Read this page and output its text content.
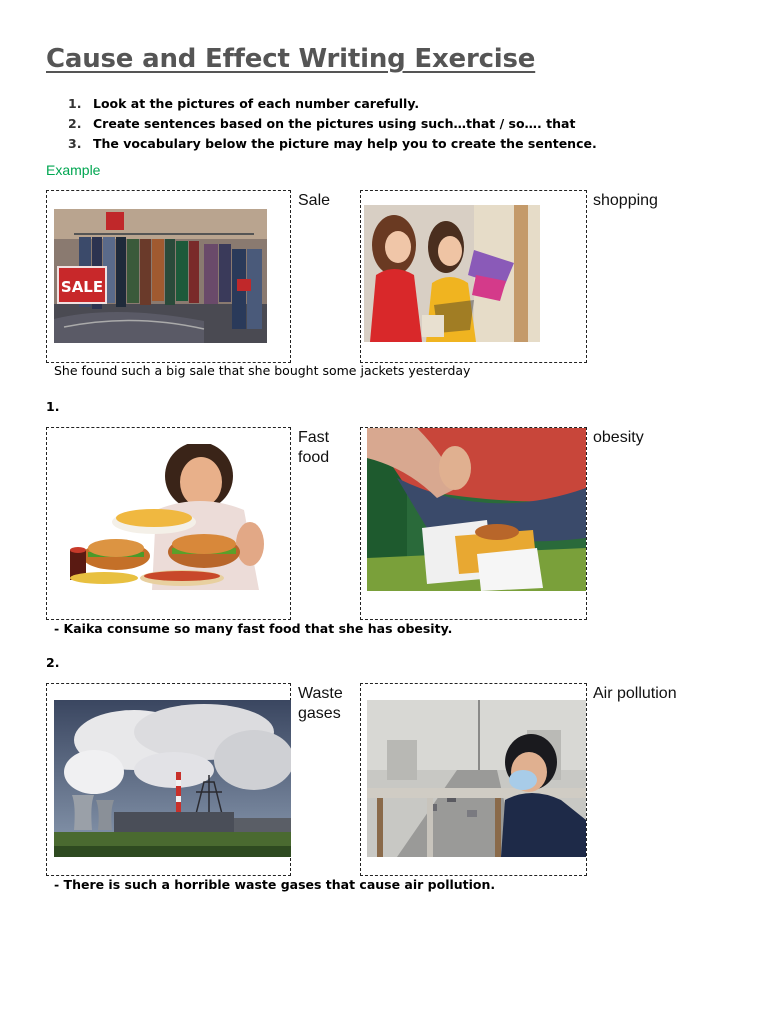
Cause and Effect Writing Exercise
1. Look at the pictures of each number carefully.
2. Create sentences based on the pictures using such…that / so…. that
3. The vocabulary below the picture may help you to create the sentence.
Example
SALE
Sale	shopping
She found such a big sale that she bought some jackets yesterday
1.
Fast food
obesity
- Kaika consume so many fast food that she has obesity.
2.
Waste gases
Air pollution
- There is such a horrible waste gases that cause air pollution.
